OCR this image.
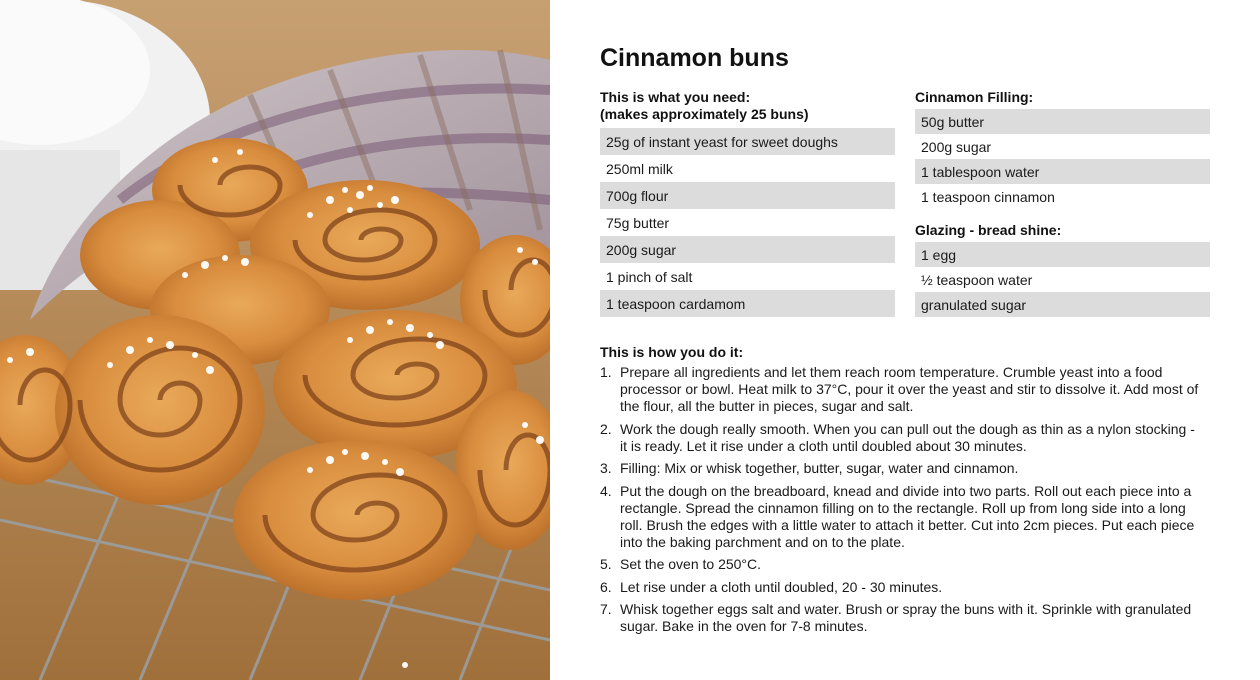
Cinnamon buns
This is what you need:
(makes approximately 25 buns)
25g of instant yeast for sweet doughs
250ml milk
700g flour
75g butter
200g sugar
1 pinch of salt
1 teaspoon cardamom
Cinnamon Filling:
50g butter
200g sugar
1 tablespoon water
1 teaspoon cinnamon
Glazing - bread shine:
1 egg
½ teaspoon water
granulated sugar
This is how you do it:
1. Prepare all ingredients and let them reach room temperature. Crumble yeast into a food processor or bowl. Heat milk to 37°C, pour it over the yeast and stir to dissolve it. Add most of the flour, all the butter in pieces, sugar and salt.
2. Work the dough really smooth. When you can pull out the dough as thin as a nylon stocking - it is ready. Let it rise under a cloth until doubled about 30 minutes.
3. Filling: Mix or whisk together, butter, sugar, water and cinnamon.
4. Put the dough on the breadboard, knead and divide into two parts. Roll out each piece into a rectangle. Spread the cinnamon filling on to the rectangle. Roll up from long side into a long roll. Brush the edges with a little water to attach it better. Cut into 2cm pieces. Put each piece into the baking parchment and on to the plate.
5. Set the oven to 250°C.
6. Let rise under a cloth until doubled, 20 - 30 minutes.
7. Whisk together eggs salt and water. Brush or spray the buns with it. Sprinkle with granulated sugar. Bake in the oven for 7-8 minutes.
